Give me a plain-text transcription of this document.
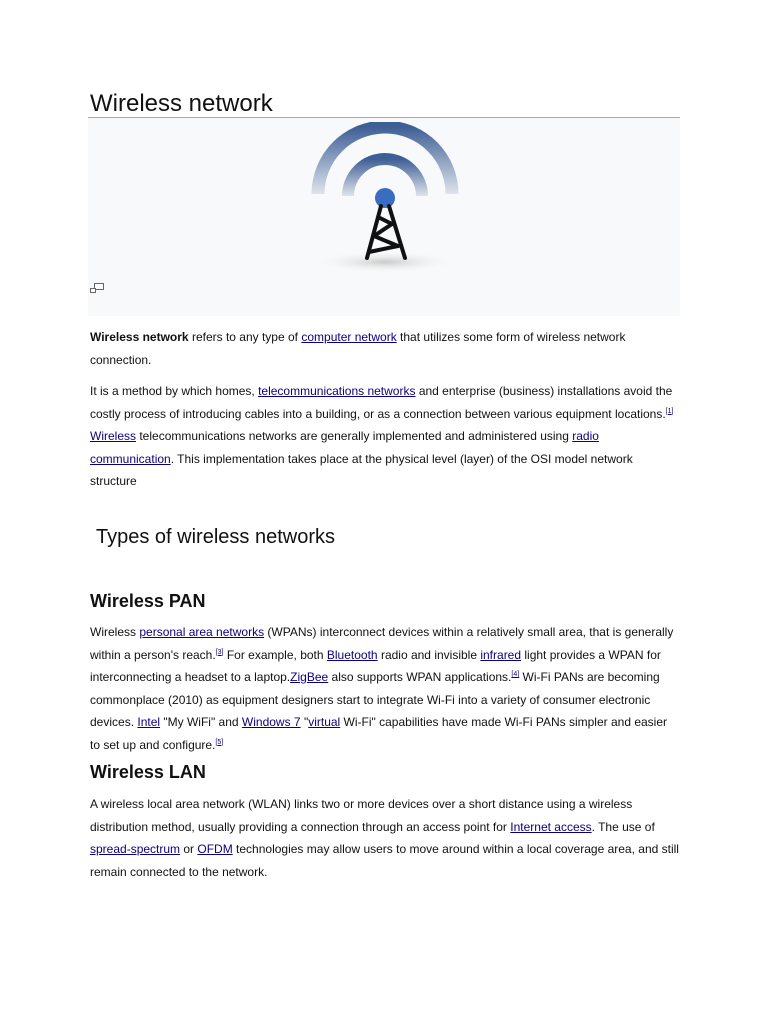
Wireless network

Wireless network refers to any type of computer network that utilizes some form of wireless network connection.

It is a method by which homes, telecommunications networks and enterprise (business) installations avoid the costly process of introducing cables into a building, or as a connection between various equipment locations.[1] Wireless telecommunications networks are generally implemented and administered using radio communication. This implementation takes place at the physical level (layer) of the OSI model network structure

Types of wireless networks
Wireless PAN

Wireless personal area networks (WPANs) interconnect devices within a relatively small area, that is generally within a person's reach.[3] For example, both Bluetooth radio and invisible infrared light provides a WPAN for interconnecting a headset to a laptop.ZigBee also supports WPAN applications.[4] Wi-Fi PANs are becoming commonplace (2010) as equipment designers start to integrate Wi-Fi into a variety of consumer electronic devices. Intel "My WiFi" and Windows 7 "virtual Wi-Fi" capabilities have made Wi-Fi PANs simpler and easier to set up and configure.[5]

Wireless LAN

A wireless local area network (WLAN) links two or more devices over a short distance using a wireless distribution method, usually providing a connection through an access point for Internet access. The use of spread-spectrum or OFDM technologies may allow users to move around within a local coverage area, and still remain connected to the network.
